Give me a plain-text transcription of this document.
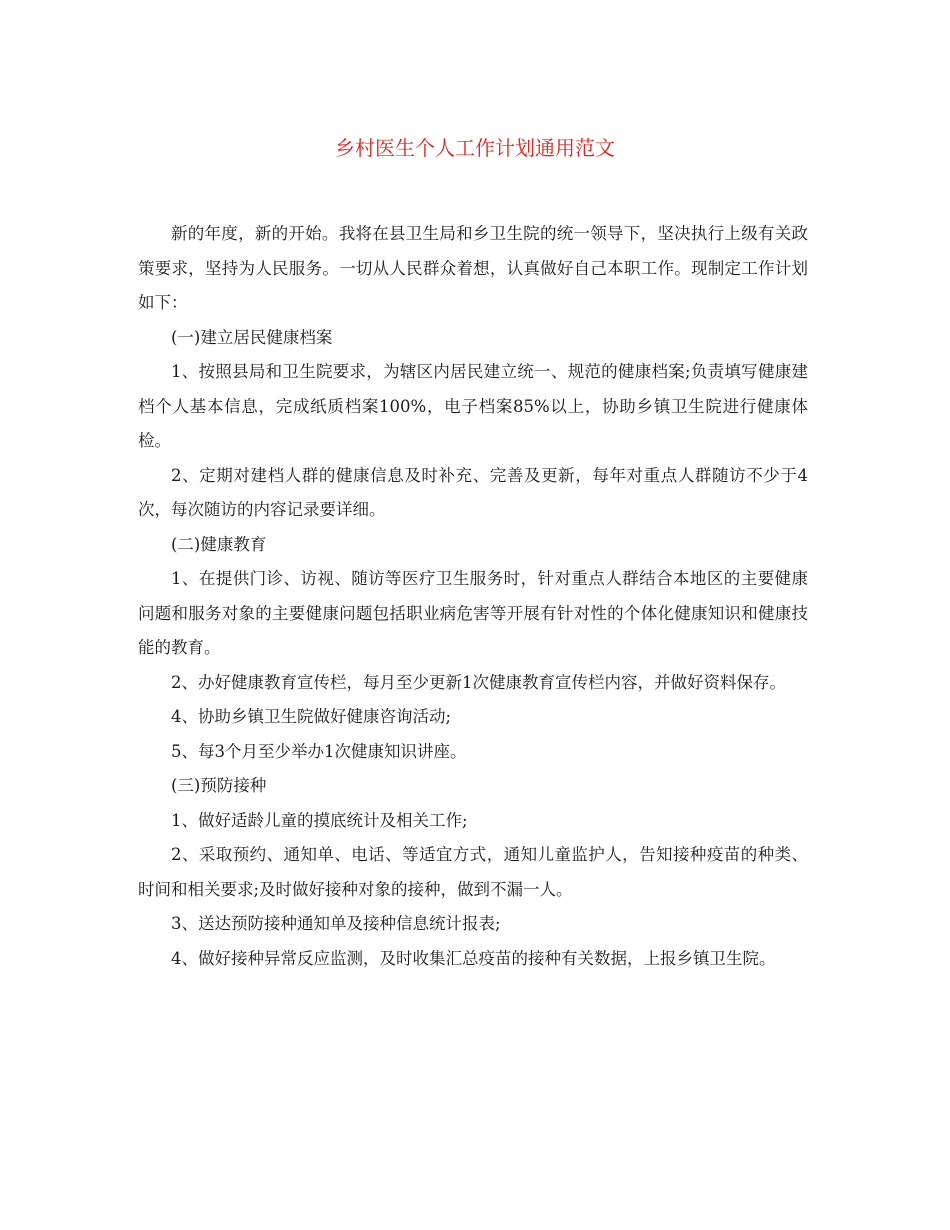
乡村医生个人工作计划通用范文

新的年度，新的开始。我将在县卫生局和乡卫生院的统一领导下，坚决执行上级有关政策要求，坚持为人民服务。一切从人民群众着想，认真做好自己本职工作。现制定工作计划如下：

(一)建立居民健康档案

1、按照县局和卫生院要求，为辖区内居民建立统一、规范的健康档案;负责填写健康建档个人基本信息，完成纸质档案100%，电子档案85%以上，协助乡镇卫生院进行健康体检。

2、定期对建档人群的健康信息及时补充、完善及更新，每年对重点人群随访不少于4次，每次随访的内容记录要详细。

(二)健康教育

1、在提供门诊、访视、随访等医疗卫生服务时，针对重点人群结合本地区的主要健康问题和服务对象的主要健康问题包括职业病危害等开展有针对性的个体化健康知识和健康技能的教育。

2、办好健康教育宣传栏，每月至少更新1次健康教育宣传栏内容，并做好资料保存。

4、协助乡镇卫生院做好健康咨询活动;

5、每3个月至少举办1次健康知识讲座。

(三)预防接种

1、做好适龄儿童的摸底统计及相关工作;

2、采取预约、通知单、电话、等适宜方式，通知儿童监护人，告知接种疫苗的种类、时间和相关要求;及时做好接种对象的接种，做到不漏一人。

3、送达预防接种通知单及接种信息统计报表;

4、做好接种异常反应监测，及时收集汇总疫苗的接种有关数据，上报乡镇卫生院。
